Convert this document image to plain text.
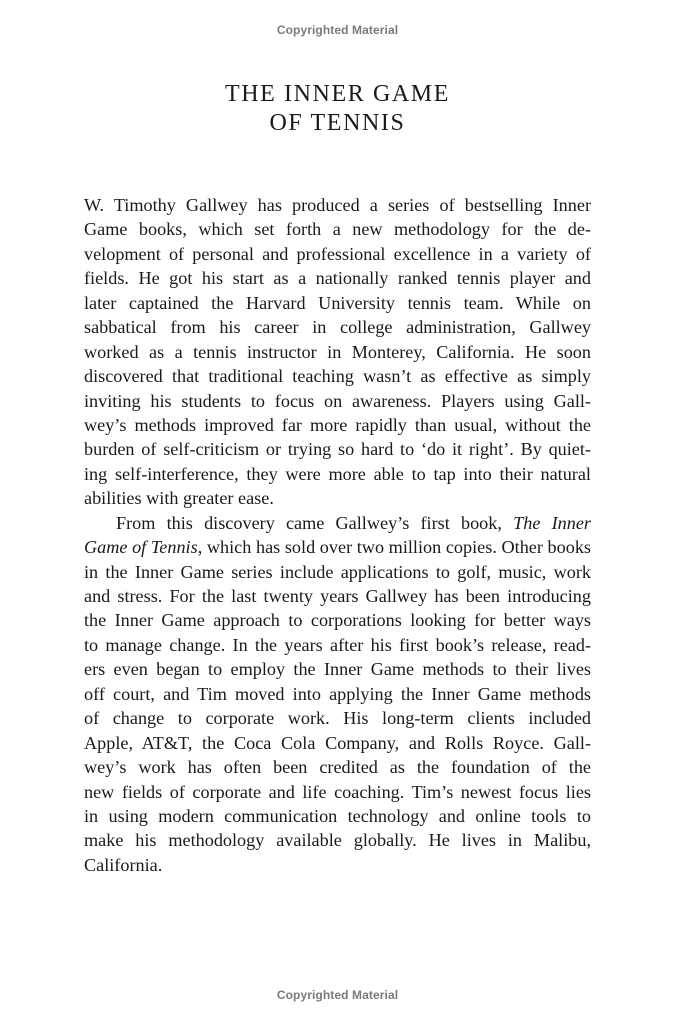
Copyrighted Material
THE INNER GAME
OF TENNIS
W. Timothy Gallwey has produced a series of bestselling Inner
Game books, which set forth a new methodology for the de-
velopment of personal and professional excellence in a variety of
fields. He got his start as a nationally ranked tennis player and
later captained the Harvard University tennis team. While on
sabbatical from his career in college administration, Gallwey
worked as a tennis instructor in Monterey, California. He soon
discovered that traditional teaching wasn’t as effective as simply
inviting his students to focus on awareness. Players using Gall-
wey’s methods improved far more rapidly than usual, without the
burden of self-criticism or trying so hard to ‘do it right’. By quiet-
ing self-interference, they were more able to tap into their natural
abilities with greater ease.
From this discovery came Gallwey’s first book, The Inner
Game of Tennis, which has sold over two million copies. Other books
in the Inner Game series include applications to golf, music, work
and stress. For the last twenty years Gallwey has been introducing
the Inner Game approach to corporations looking for better ways
to manage change. In the years after his first book’s release, read-
ers even began to employ the Inner Game methods to their lives
off court, and Tim moved into applying the Inner Game methods
of change to corporate work. His long-term clients included
Apple, AT&T, the Coca Cola Company, and Rolls Royce. Gall-
wey’s work has often been credited as the foundation of the
new fields of corporate and life coaching. Tim’s newest focus lies
in using modern communication technology and online tools to
make his methodology available globally. He lives in Malibu,
California.
Copyrighted Material
